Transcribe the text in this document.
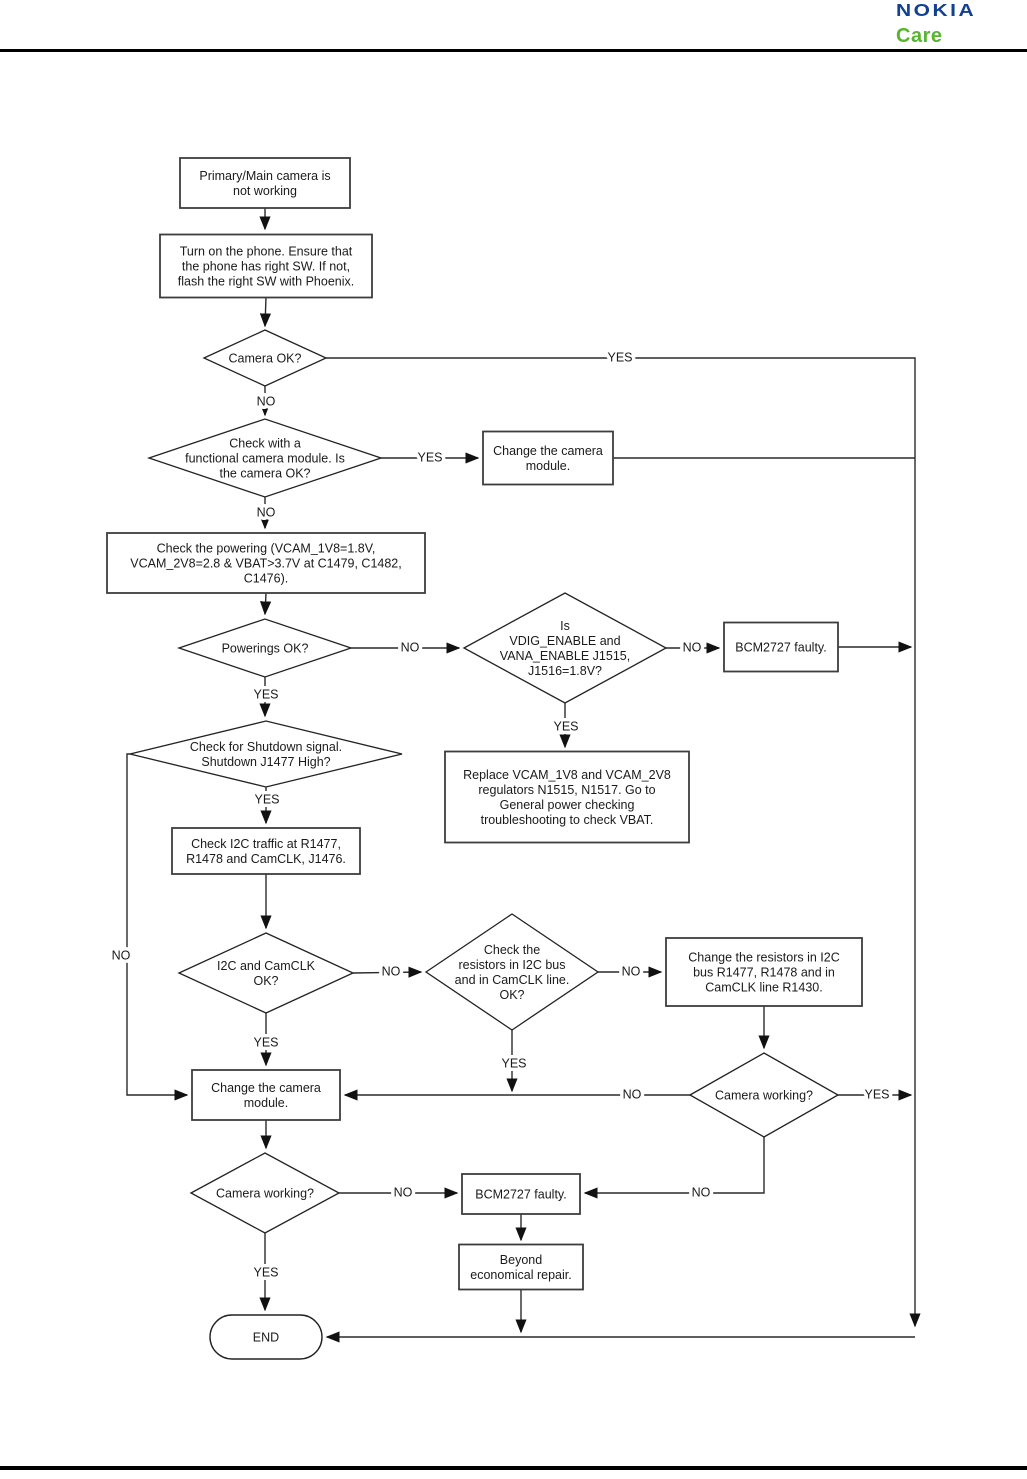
NOKIA
Care
Primary/Main camera is not working
Turn on the phone. Ensure that the phone has right SW. If not, flash the right SW with Phoenix.
Camera OK?
Check with a functional camera module. Is the camera OK?
Change the camera module.
Check the powering (VCAM_1V8=1.8V, VCAM_2V8=2.8 & VBAT>3.7V at C1479, C1482, C1476).
Powerings OK?
Is VDIG_ENABLE and VANA_ENABLE J1515, J1516=1.8V?
BCM2727 faulty.
Check for Shutdown signal. Shutdown J1477 High?
Replace VCAM_1V8 and VCAM_2V8 regulators N1515, N1517. Go to General power checking troubleshooting to check VBAT.
Check I2C traffic at R1477, R1478 and CamCLK, J1476.
I2C and CamCLK OK?
Check the resistors in I2C bus and in CamCLK line. OK?
Change the resistors in I2C bus R1477, R1478 and in CamCLK line R1430.
Change the camera module.
Camera working?
Camera working?	BCM2727 faulty.
Beyond economical repair.
END
YES
NO
YES
NO
NO	NO
YES
YES
YES
NO
NO	NO
YES
YES
NO	YES
NO
NO
YES
